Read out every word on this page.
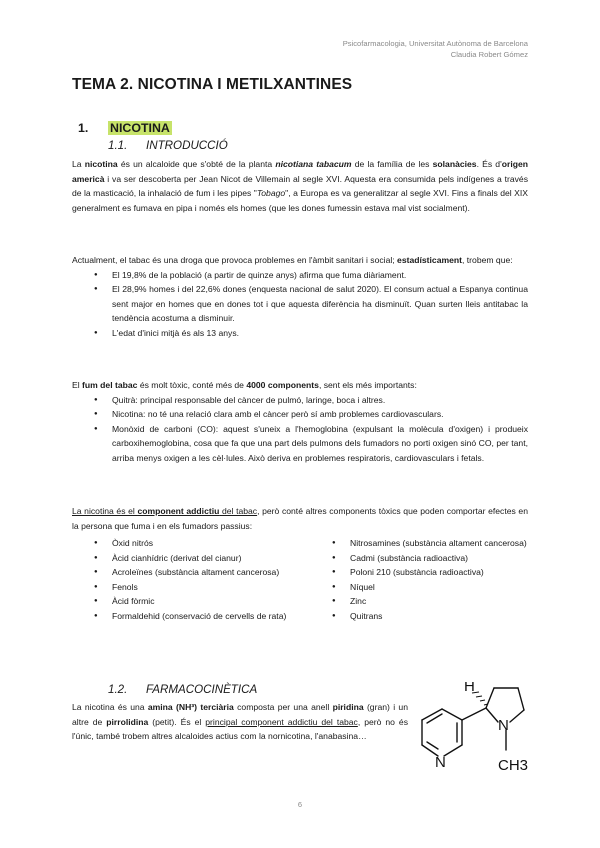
Psicofarmacologia, Universitat Autònoma de Barcelona
Claudia Robert Gómez
TEMA 2. NICOTINA I METILXANTINES
1. NICOTINA
1.1. INTRODUCCIÓ

La nicotina és un alcaloide que s'obté de la planta nicotiana tabacum de la família de les solanàcies. És d'origen americà i va ser descoberta per Jean Nicot de Villemain al segle XVI. Aquesta era consumida pels indígenes a través de la masticació, la inhalació de fum i les pipes "Tobago", a Europa es va generalitzar al segle XVI. Fins a finals del XIX generalment es fumava en pipa i només els homes (que les dones fumessin estava mal vist socialment).

Actualment, el tabac és una droga que provoca problemes en l'àmbit sanitari i social; estadísticament, trobem que:

● El 19,8% de la població (a partir de quinze anys) afirma que fuma diàriament.
● El 28,9% homes i del 22,6% dones (enquesta nacional de salut 2020). El consum actual a Espanya continua sent major en homes que en dones tot i que aquesta diferència ha disminuït. Quan surten lleis antitabac la tendència acostuma a disminuir.
● L'edat d'inici mitjà és als 13 anys.

El fum del tabac és molt tòxic, conté més de 4000 components, sent els més importants:

● Quitrà: principal responsable del càncer de pulmó, laringe, boca i altres.
● Nicotina: no té una relació clara amb el càncer però sí amb problemes cardiovasculars.
● Monòxid de carboni (CO): aquest s'uneix a l'hemoglobina (expulsant la molècula d'oxigen) i produeix carboxihemoglobina, cosa que fa que una part dels pulmons dels fumadors no porti oxigen sinó CO, per tant, arriba menys oxigen a les cèl·lules. Això deriva en problemes respiratoris, cardiovasculars i fetals.

La nicotina és el component addictiu del tabac, però conté altres components tòxics que poden comportar efectes en la persona que fuma i en els fumadors passius:

● Òxid nitrós
● Àcid cianhídric (derivat del cianur)
● Acroleïnes (substància altament cancerosa)
● Fenols
● Àcid fòrmic
● Formaldehid (conservació de cervells de rata)
● Nitrosamines (substància altament cancerosa)
● Cadmi (substància radioactiva)
● Poloni 210 (substància radioactiva)
● Níquel
● Zinc
● Quitrans
1.2. FARMACOCINÈTICA

La nicotina és una amina (NH³) terciària composta per una anell piridina (gran) i un altre de pirrolidina (petit). És el principal component addictiu del tabac, però no és l'únic, també trobem altres alcaloides actius com la nornicotina, l'anabasina…

H
N
N
CH3
6
